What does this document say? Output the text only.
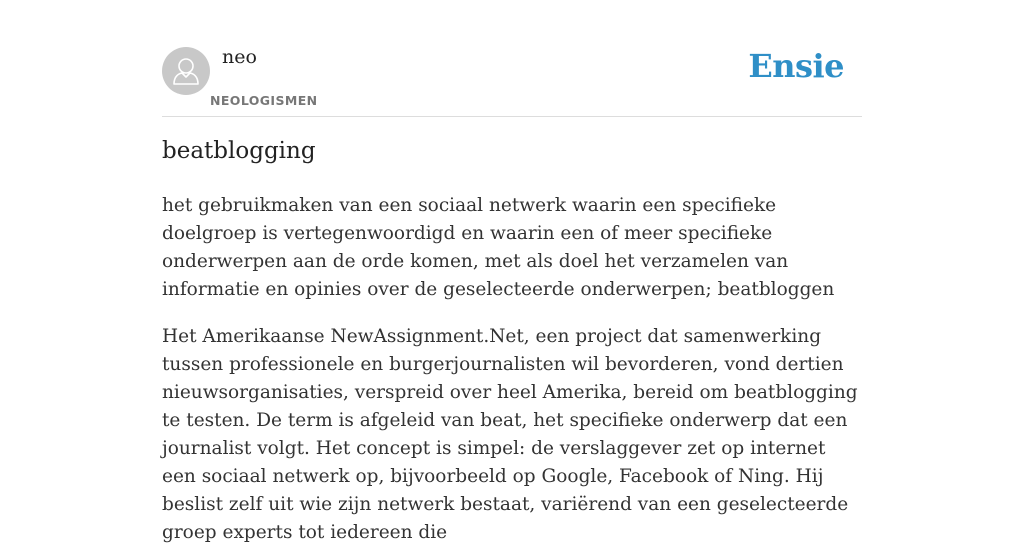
neo
NEOLOGISMEN
Ensie
beatblogging

het gebruikmaken van een sociaal netwerk waarin een specifieke doelgroep is vertegenwoordigd en waarin een of meer specifieke onderwerpen aan de orde komen, met als doel het verzamelen van informatie en opinies over de geselecteerde onderwerpen; beatbloggen

Het Amerikaanse NewAssignment.Net, een project dat samenwerking tussen professionele en burgerjournalisten wil bevorderen, vond dertien nieuwsorganisaties, verspreid over heel Amerika, bereid om beatblogging te testen. De term is afgeleid van beat, het specifieke onderwerp dat een journalist volgt. Het concept is simpel: de verslaggever zet op internet een sociaal netwerk op, bijvoorbeeld op Google, Facebook of Ning. Hij beslist zelf uit wie zijn netwerk bestaat, variërend van een geselecteerde groep experts tot iedereen die
